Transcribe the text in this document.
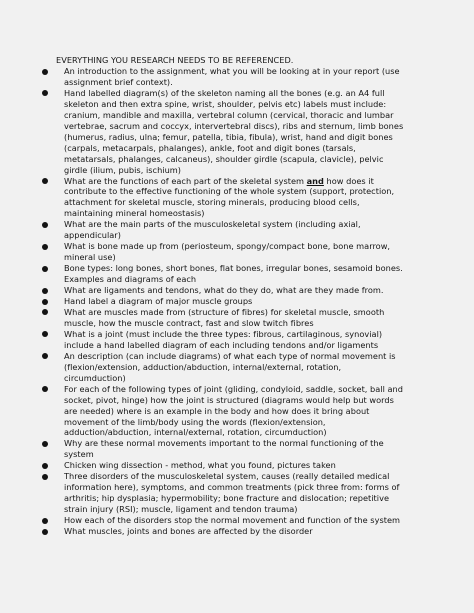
EVERYTHING YOU RESEARCH NEEDS TO BE REFERENCED.
An introduction to the assignment, what you will be looking at in your report (use
assignment brief context).
Hand labelled diagram(s) of the skeleton naming all the bones (e.g. an A4 full
skeleton and then extra spine, wrist, shoulder, pelvis etc) labels must include:
cranium, mandible and maxilla, vertebral column (cervical, thoracic and lumbar
vertebrae, sacrum and coccyx, intervertebral discs), ribs and sternum, limb bones
(humerus, radius, ulna; femur, patella, tibia, fibula), wrist, hand and digit bones
(carpals, metacarpals, phalanges), ankle, foot and digit bones (tarsals,
metatarsals, phalanges, calcaneus), shoulder girdle (scapula, clavicle), pelvic
girdle (ilium, pubis, ischium)
What are the functions of each part of the skeletal system and how does it
contribute to the effective functioning of the whole system (support, protection,
attachment for skeletal muscle, storing minerals, producing blood cells,
maintaining mineral homeostasis)
What are the main parts of the musculoskeletal system (including axial,
appendicular)
What is bone made up from (periosteum, spongy/compact bone, bone marrow,
mineral use)
Bone types: long bones, short bones, flat bones, irregular bones, sesamoid bones.
Examples and diagrams of each
What are ligaments and tendons, what do they do, what are they made from.
Hand label a diagram of major muscle groups
What are muscles made from (structure of fibres) for skeletal muscle, smooth
muscle, how the muscle contract, fast and slow twitch fibres
What is a joint (must include the three types: fibrous, cartilaginous, synovial)
include a hand labelled diagram of each including tendons and/or ligaments
An description (can include diagrams) of what each type of normal movement is
(flexion/extension, adduction/abduction, internal/external, rotation,
circumduction)
For each of the following types of joint (gliding, condyloid, saddle, socket, ball and
socket, pivot, hinge) how the joint is structured (diagrams would help but words
are needed) where is an example in the body and how does it bring about
movement of the limb/body using the words (flexion/extension,
adduction/abduction, internal/external, rotation, circumduction)
Why are these normal movements important to the normal functioning of the
system
Chicken wing dissection - method, what you found, pictures taken
Three disorders of the musculoskeletal system, causes (really detailed medical
information here), symptoms, and common treatments (pick three from: forms of
arthritis; hip dysplasia; hypermobility; bone fracture and dislocation; repetitive
strain injury (RSI); muscle, ligament and tendon trauma)
How each of the disorders stop the normal movement and function of the system
What muscles, joints and bones are affected by the disorder
